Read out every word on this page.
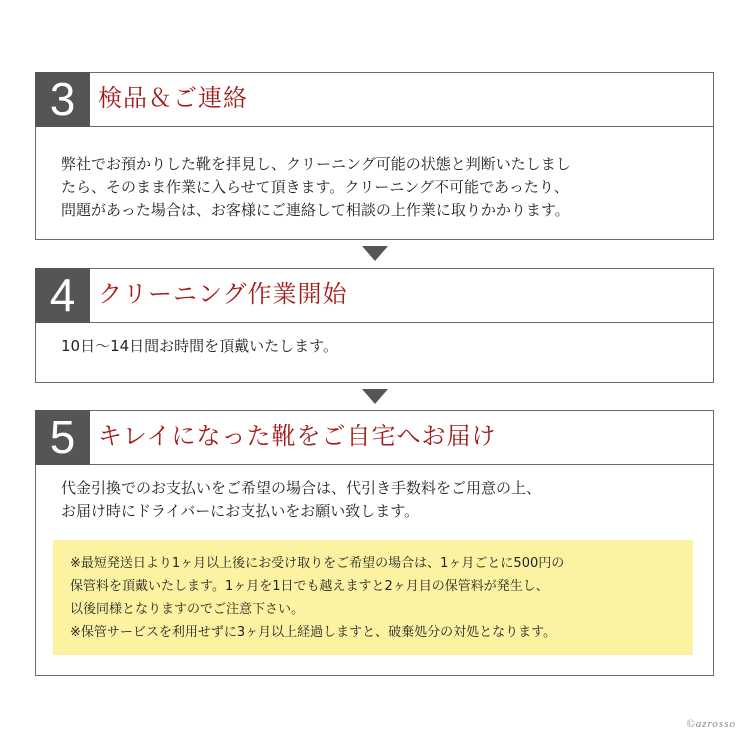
3 検品＆ご連絡

弊社でお預かりした靴を拝見し、クリーニング可能の状態と判断いたしまし

たら、そのまま作業に入らせて頂きます。クリーニング不可能であったり、

問題があった場合は、お客様にご連絡して相談の上作業に取りかかります。

4 クリーニング作業開始

10日〜14日間お時間を頂戴いたします。

5 キレイになった靴をご自宅へお届け

代金引換でのお支払いをご希望の場合は、代引き手数料をご用意の上、

お届け時にドライバーにお支払いをお願い致します。

※最短発送日より1ヶ月以上後にお受け取りをご希望の場合は、1ヶ月ごとに500円の

保管料を頂戴いたします。1ヶ月を1日でも越えますと2ヶ月目の保管料が発生し、

以後同様となりますのでご注意下さい。

※保管サービスを利用せずに3ヶ月以上経過しますと、破棄処分の対処となります。

©azrosso
